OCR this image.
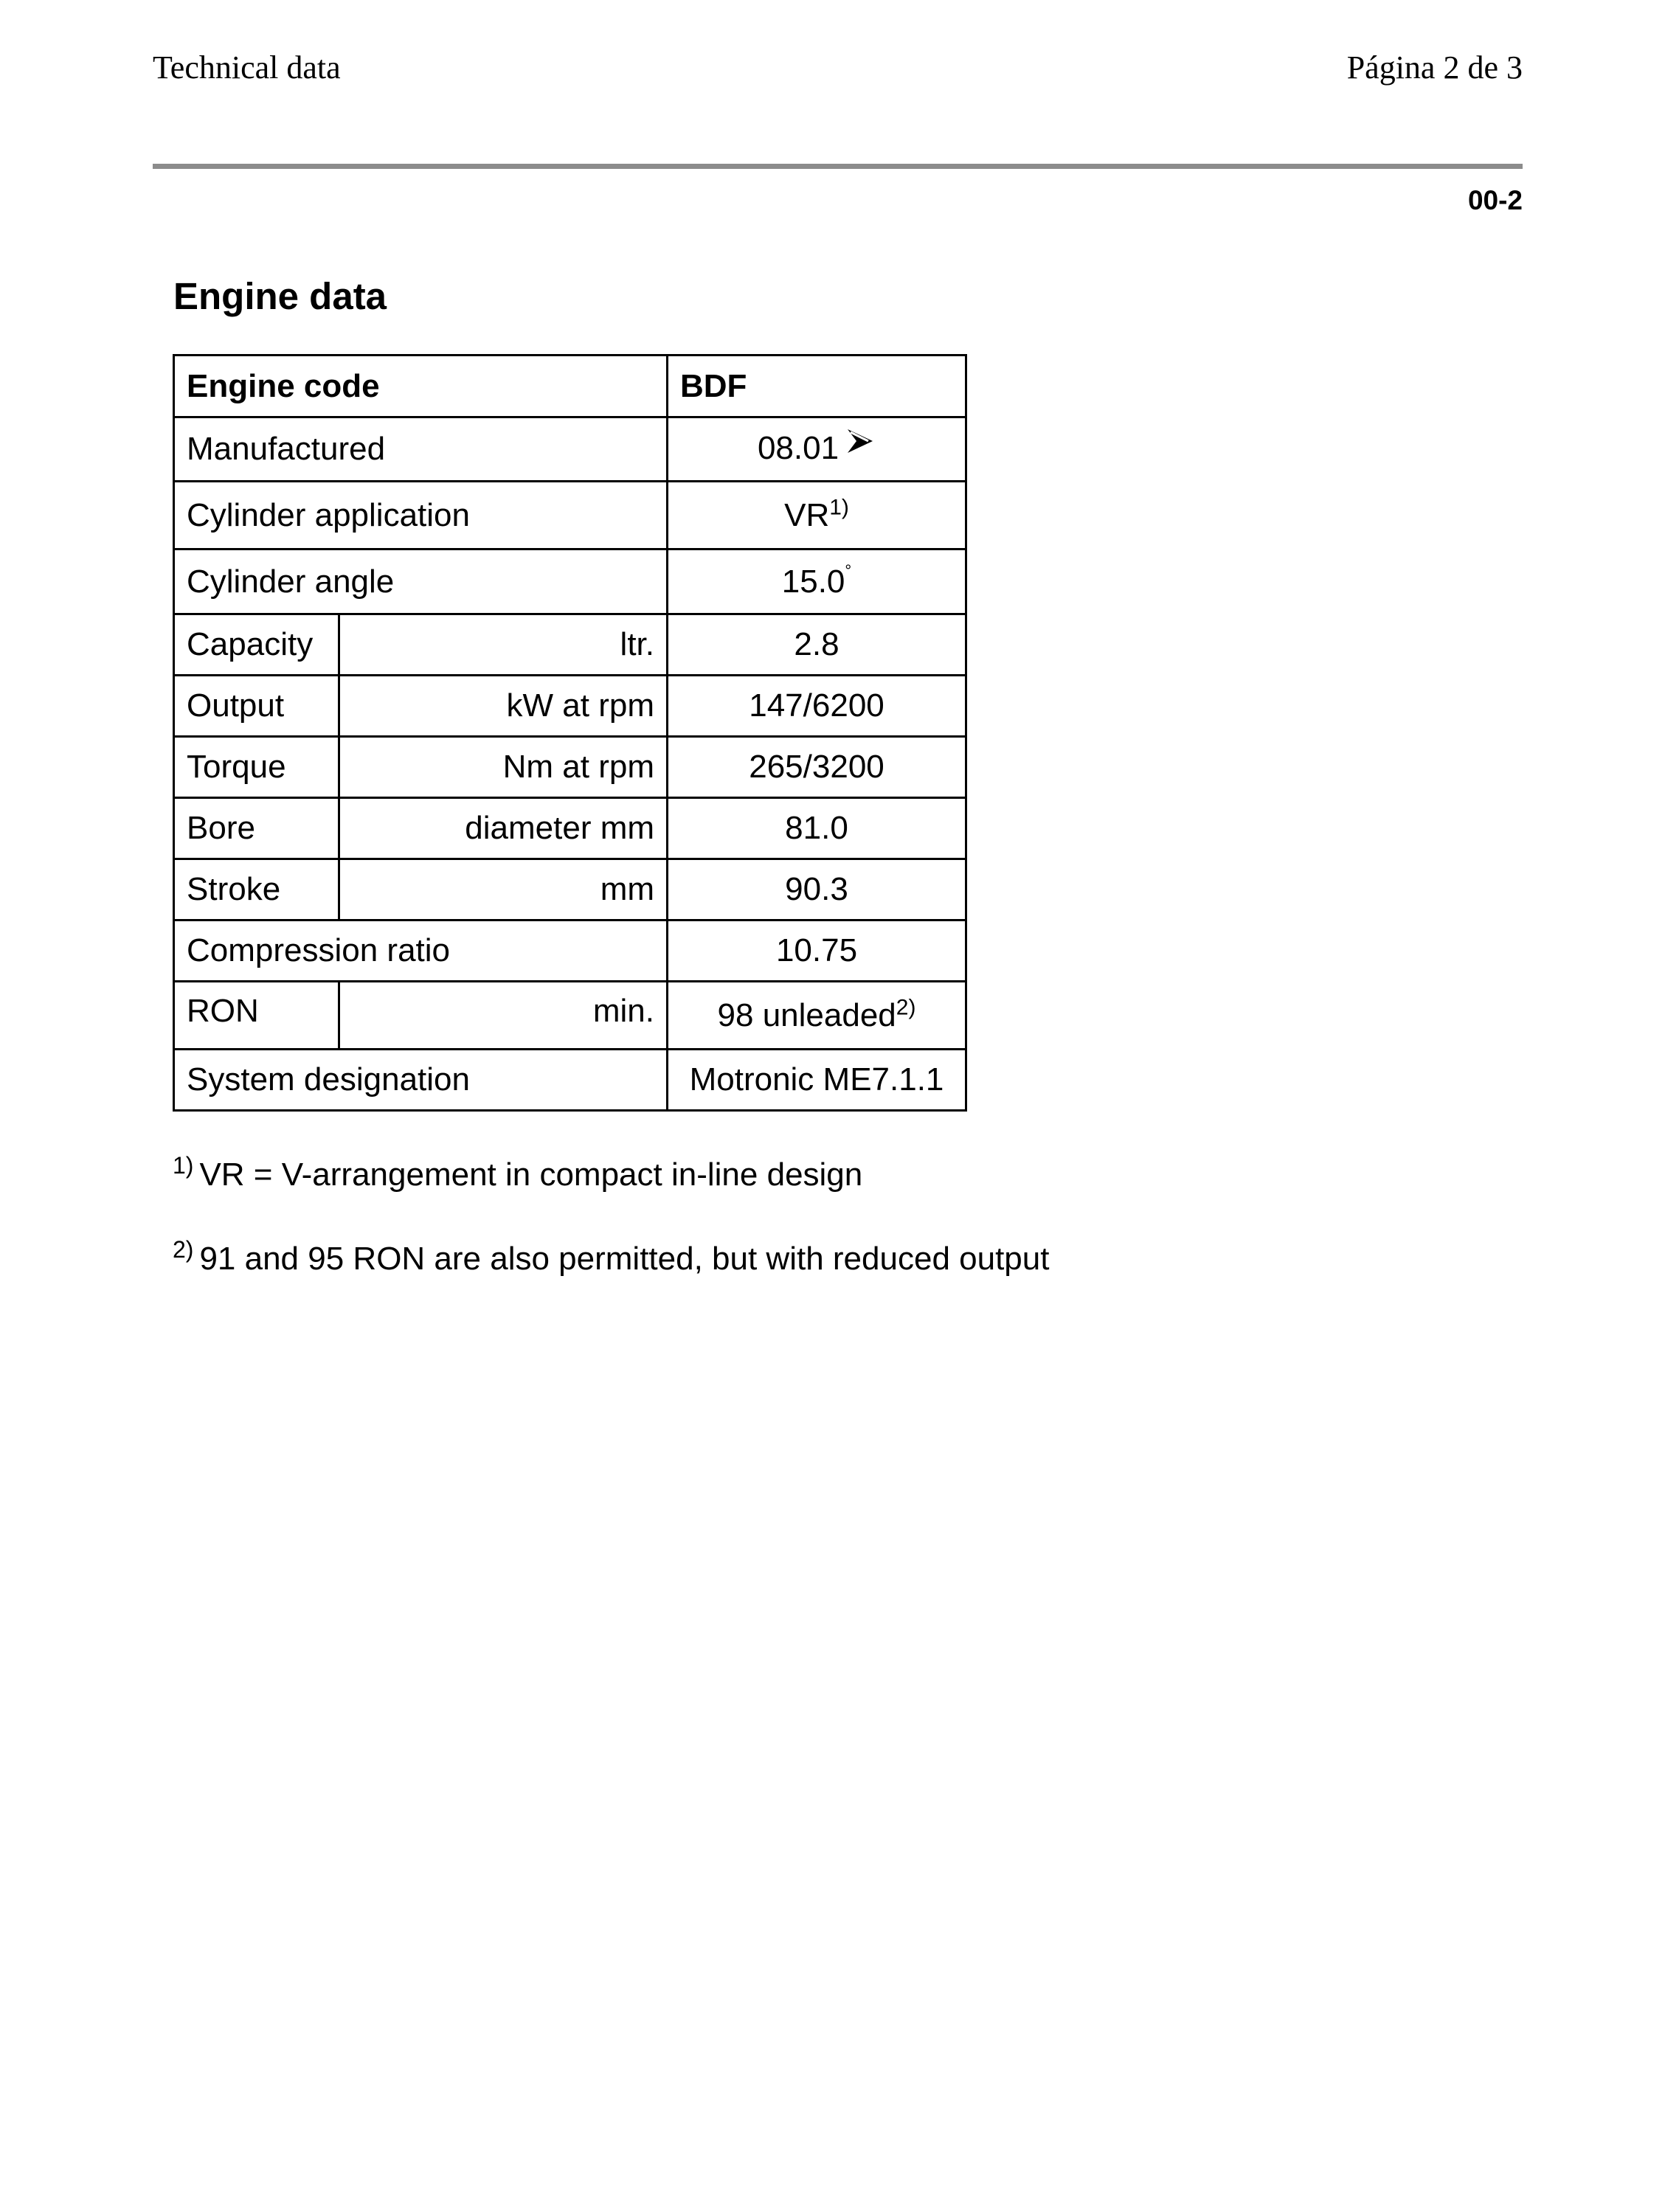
Technical data	Página 2 de 3
00-2
Engine data
Engine code		BDF
Manufactured		08.01
Cylinder application		VR$^{1)}$
Cylinder angle		15.0°
Capacity	ltr.	2.8
Output	kW at rpm	147/6200
Torque	Nm at rpm	265/3200
Bore	diameter mm	81.0
Stroke	mm	90.3
Compression ratio		10.75
RON	min.	98 unleaded$^{2)}$
System designation		Motronic ME7.1.1
$^{1)}$ VR = V-arrangement in compact in-line design
$^{2)}$ 91 and 95 RON are also permitted, but with reduced output
